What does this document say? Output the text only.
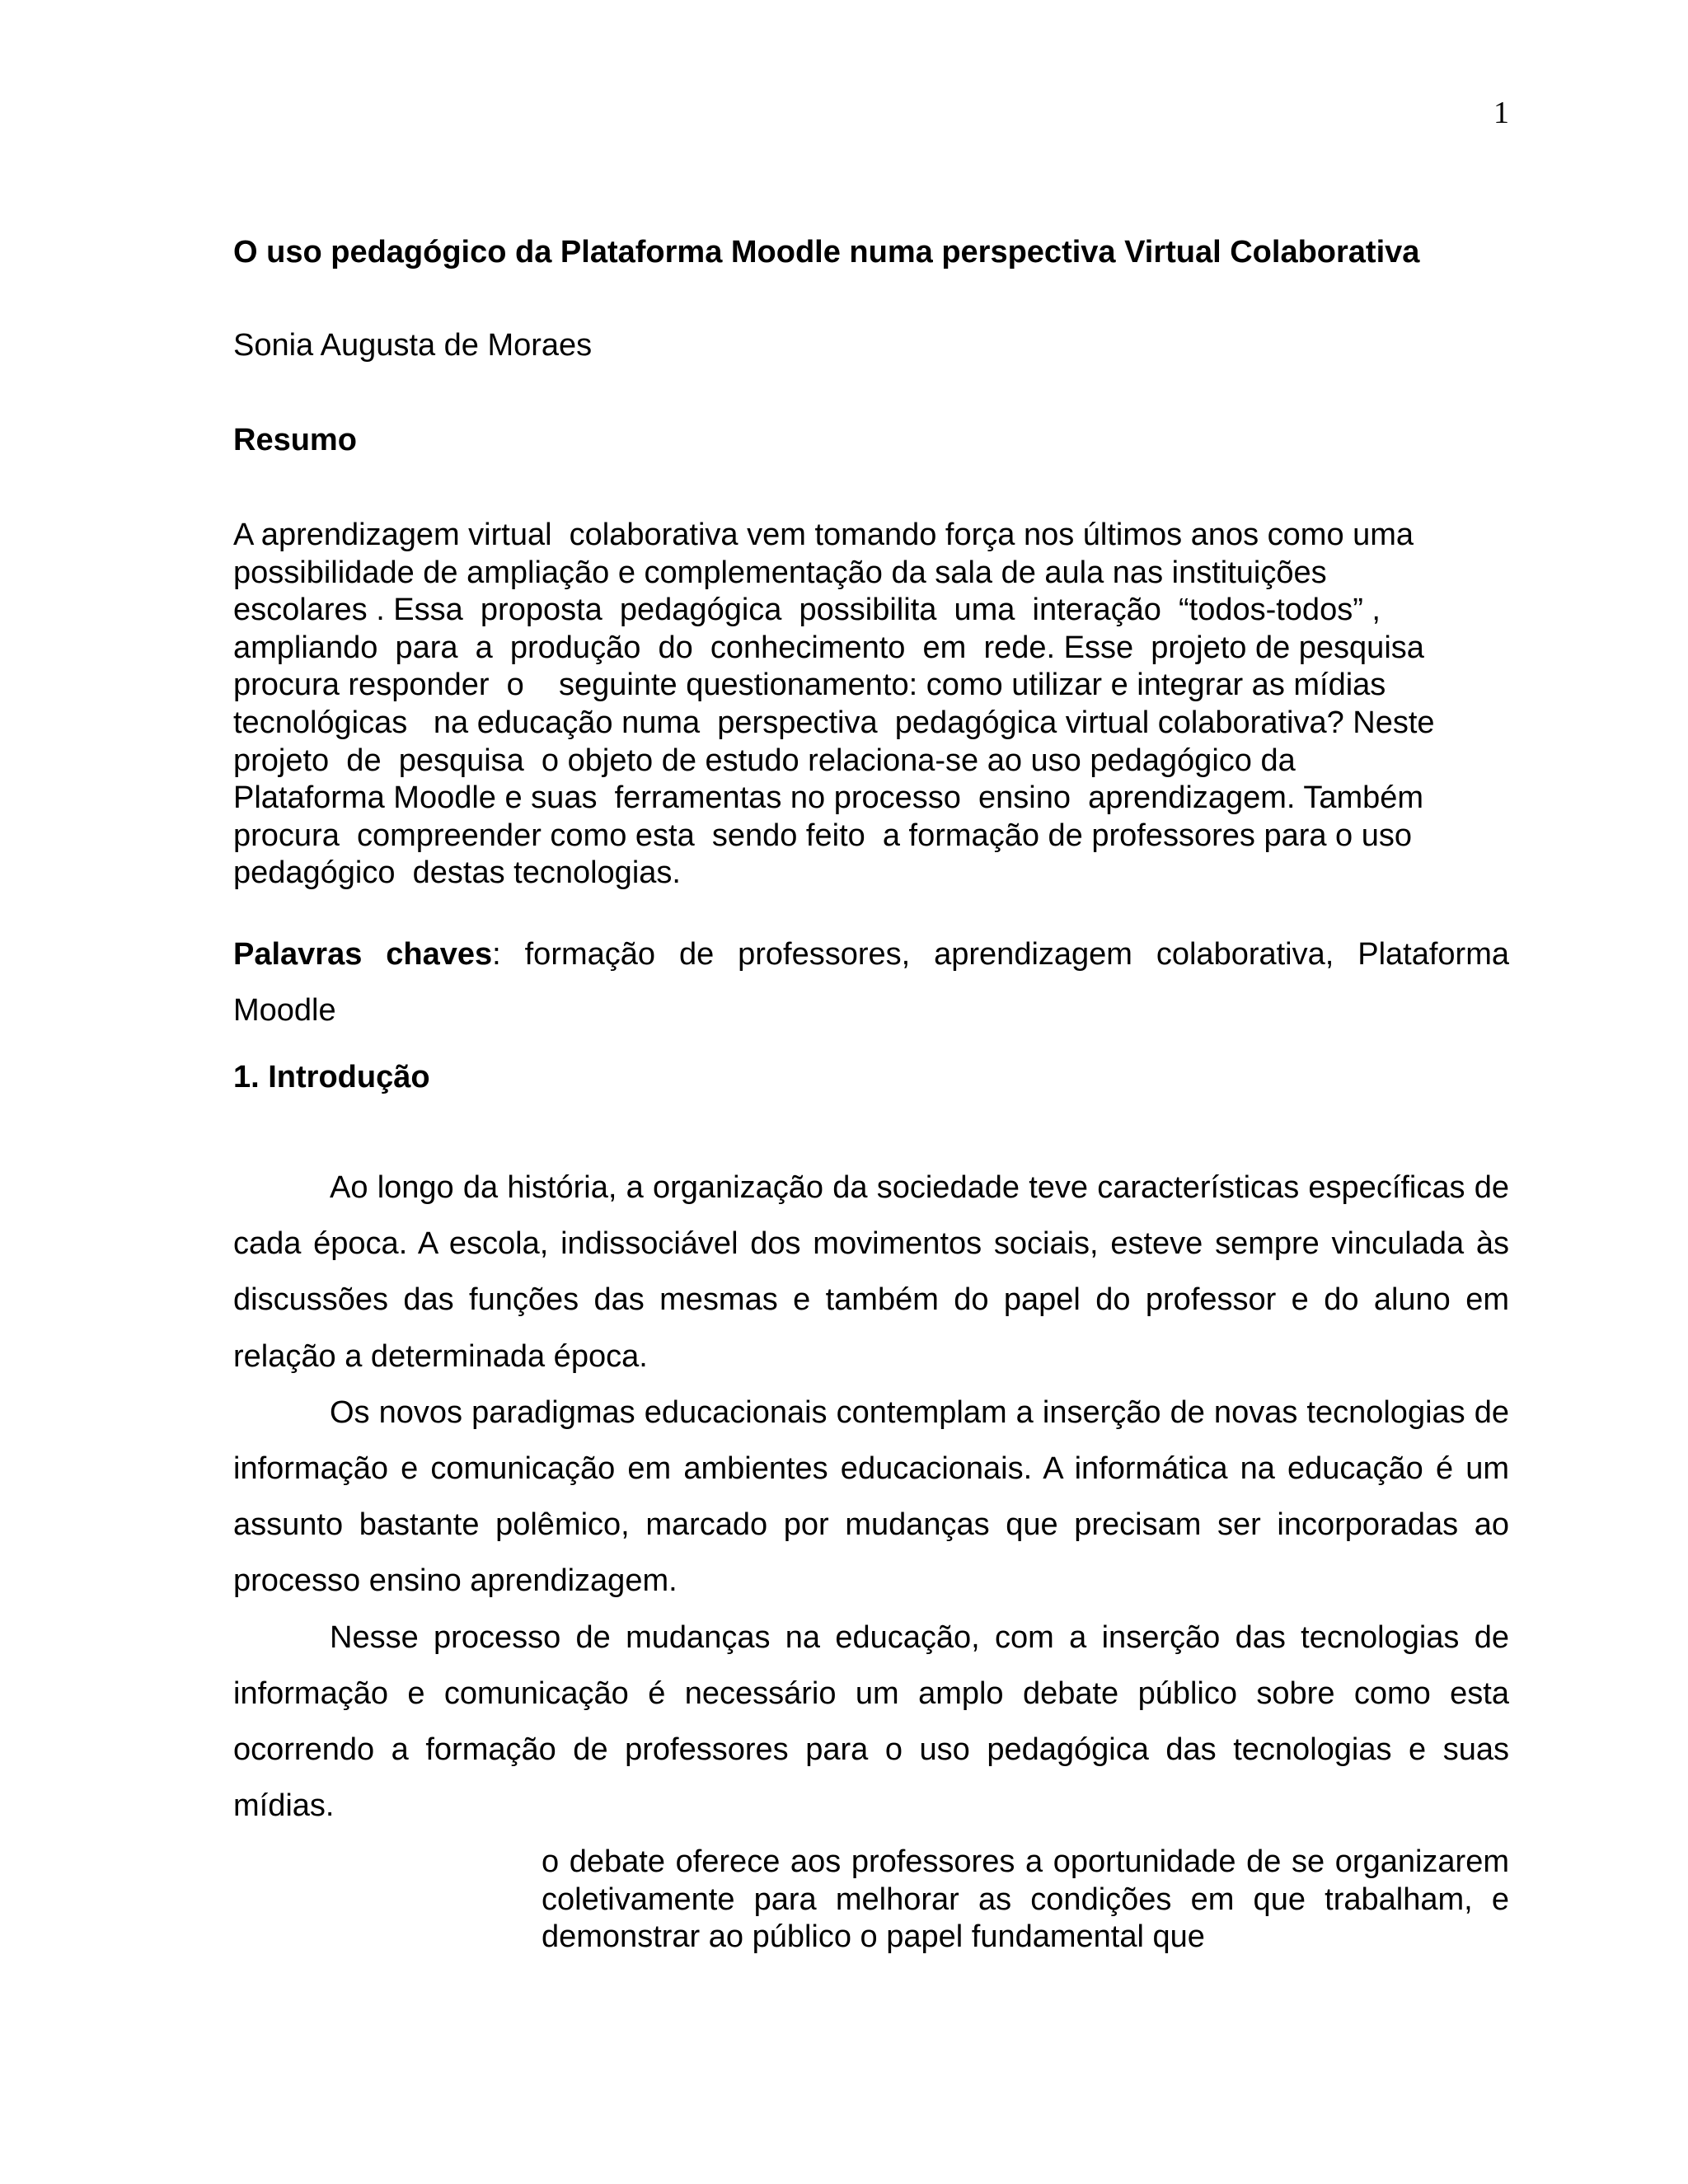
1
O uso pedagógico da Plataforma Moodle numa perspectiva Virtual Colaborativa
Sonia Augusta de Moraes
Resumo
A aprendizagem virtual  colaborativa vem tomando força nos últimos anos como uma
possibilidade de ampliação e complementação da sala de aula nas instituições
escolares . Essa  proposta  pedagógica  possibilita  uma  interação  “todos-todos” ,
ampliando  para  a  produção  do  conhecimento  em  rede. Esse  projeto de pesquisa
procura responder  o    seguinte questionamento: como utilizar e integrar as mídias
tecnológicas   na educação numa  perspectiva  pedagógica virtual colaborativa? Neste
projeto  de  pesquisa  o objeto de estudo relaciona-se ao uso pedagógico da
Plataforma Moodle e suas  ferramentas no processo  ensino  aprendizagem. Também
procura  compreender como esta  sendo feito  a formação de professores para o uso
pedagógico  destas tecnologias.
Palavras chaves: formação de professores, aprendizagem colaborativa, Plataforma Moodle
1. Introdução

Ao longo da história, a organização da sociedade teve características específicas de cada época. A escola, indissociável dos movimentos sociais, esteve sempre vinculada às discussões das funções das mesmas e também do papel do professor e do aluno em relação a determinada época.

Os novos paradigmas educacionais contemplam a inserção de novas tecnologias de informação e comunicação em ambientes educacionais. A informática na educação é um assunto bastante polêmico, marcado por mudanças que precisam ser incorporadas ao processo ensino aprendizagem.

Nesse processo de mudanças na educação, com a inserção das tecnologias de informação e comunicação é necessário um amplo debate público sobre como esta ocorrendo a formação de professores para o uso pedagógica das tecnologias e suas mídias.

o debate oferece aos professores a oportunidade de se organizarem coletivamente para melhorar as condições em que trabalham, e demonstrar ao público o papel fundamental que
